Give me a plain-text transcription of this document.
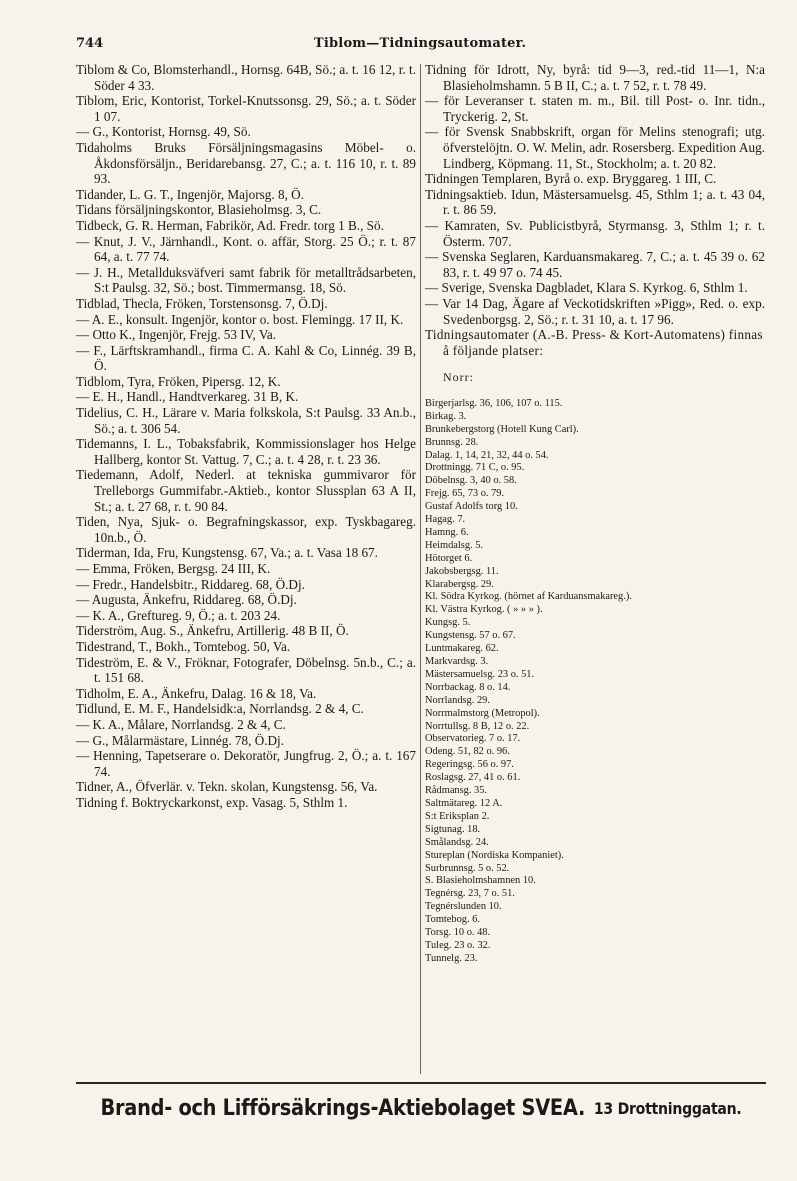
744	Tiblom—Tidningsautomater.

Tiblom & Co, Blomsterhandl., Hornsg. 64B, Sö.; a. t. 16 12, r. t. Söder 4 33.

Tiblom, Eric, Kontorist, Torkel-Knutssonsg. 29, Sö.; a. t. Söder 1 07.

— G., Kontorist, Hornsg. 49, Sö.

Tidaholms Bruks Försäljningsmagasins Möbel- o. Åkdonsförsäljn., Beridarebansg. 27, C.; a. t. 116 10, r. t. 89 93.

Tidander, L. G. T., Ingenjör, Majorsg. 8, Ö.

Tidans försäljningskontor, Blasieholmsg. 3, C.

Tidbeck, G. R. Herman, Fabrikör, Ad. Fredr. torg 1 B., Sö.

— Knut, J. V., Järnhandl., Kont. o. affär, Storg. 25 Ö.; r. t. 87 64, a. t. 77 74.

— J. H., Metallduksväfveri samt fabrik för metalltrådsarbeten, S:t Paulsg. 32, Sö.; bost. Timmermansg. 18, Sö.

Tidblad, Thecla, Fröken, Torstensonsg. 7, Ö.Dj.

— A. E., konsult. Ingenjör, kontor o. bost. Flemingg. 17 II, K.

— Otto K., Ingenjör, Frejg. 53 IV, Va.

— F., Lärftskramhandl., firma C. A. Kahl & Co, Linnég. 39 B, Ö.

Tidblom, Tyra, Fröken, Pipersg. 12, K.

— E. H., Handl., Handtverkareg. 31 B, K.

Tidelius, C. H., Lärare v. Maria folkskola, S:t Paulsg. 33 An.b., Sö.; a. t. 306 54.

Tidemanns, I. L., Tobaksfabrik, Kommissionslager hos Helge Hallberg, kontor St. Vattug. 7, C.; a. t. 4 28, r. t. 23 36.

Tiedemann, Adolf, Nederl. at tekniska gummivaror för Trelleborgs Gummifabr.-Aktieb., kontor Slussplan 63 A II, St.; a. t. 27 68, r. t. 90 84.

Tiden, Nya, Sjuk- o. Begrafningskassor, exp. Tyskbagareg. 10n.b., Ö.

Tiderman, Ida, Fru, Kungstensg. 67, Va.; a. t. Vasa 18 67.

— Emma, Fröken, Bergsg. 24 III, K.

— Fredr., Handelsbitr., Riddareg. 68, Ö.Dj.

— Augusta, Änkefru, Riddareg. 68, Ö.Dj.

— K. A., Greftureg. 9, Ö.; a. t. 203 24.

Tiderström, Aug. S., Änkefru, Artillerig. 48 B II, Ö.

Tidestrand, T., Bokh., Tomtebog. 50, Va.

Tideström, E. & V., Fröknar, Fotografer, Döbelnsg. 5n.b., C.; a. t. 151 68.

Tidholm, E. A., Änkefru, Dalag. 16 & 18, Va.

Tidlund, E. M. F., Handelsidk:a, Norrlandsg. 2 & 4, C.

— K. A., Målare, Norrlandsg. 2 & 4, C.

— G., Målarmästare, Linnég. 78, Ö.Dj.

— Henning, Tapetserare o. Dekoratör, Jungfrug. 2, Ö.; a. t. 167 74.

Tidner, A., Öfverlär. v. Tekn. skolan, Kungstensg. 56, Va.

Tidning f. Boktryckarkonst, exp. Vasag. 5, Sthlm 1.

Tidning för Idrott, Ny, byrå: tid 9—3, red.-tid 11—1, N:a Blasieholmshamn. 5 B II, C.; a. t. 7 52, r. t. 78 49.

— för Leveranser t. staten m. m., Bil. till Post- o. Inr. tidn., Tryckerig. 2, St.

— för Svensk Snabbskrift, organ för Melins stenografi; utg. öfverstelöjtn. O. W. Melin, adr. Rosersberg. Expedition Aug. Lindberg, Köpmang. 11, St., Stockholm; a. t. 20 82.

Tidningen Templaren, Byrå o. exp. Bryggareg. 1 III, C.

Tidningsaktieb. Idun, Mästersamuelsg. 45, Sthlm 1; a. t. 43 04, r. t. 86 59.

— Kamraten, Sv. Publicistbyrå, Styrmansg. 3, Sthlm 1; r. t. Österm. 707.

— Svenska Seglaren, Karduansmakareg. 7, C.; a. t. 45 39 o. 62 83, r. t. 49 97 o. 74 45.

— Sverige, Svenska Dagbladet, Klara S. Kyrkog. 6, Sthlm 1.

— Var 14 Dag, Ägare af Veckotidskriften »Pigg», Red. o. exp. Svedenborgsg. 2, Sö.; r. t. 31 10, a. t. 17 96.

Tidningsautomater (A.-B. Press- & Kort-Automatens) finnas å följande platser:

Norr:

Birgerjarlsg. 36, 106, 107 o. 115.

Birkag. 3.

Brunkebergstorg (Hotell Kung Carl).

Brunnsg. 28.

Dalag. 1, 14, 21, 32, 44 o. 54.

Drottningg. 71 C, o. 95.

Döbelnsg. 3, 40 o. 58.

Frejg. 65, 73 o. 79.

Gustaf Adolfs torg 10.

Hagag. 7.

Hamng. 6.

Heimdalsg. 5.

Hötorget 6.

Jakobsbergsg. 11.

Klarabergsg. 29.

Kl. Södra Kyrkog. (hörnet af Karduansmakareg.).

Kl. Västra Kyrkog. ( » » » ).

Kungsg. 5.

Kungstensg. 57 o. 67.

Luntmakareg. 62.

Markvardsg. 3.

Mästersamuelsg. 23 o. 51.

Norrbackag. 8 o. 14.

Norrlandsg. 29.

Norrmalmstorg (Metropol).

Norrtullsg. 8 B, 12 o. 22.

Observatorieg. 7 o. 17.

Odeng. 51, 82 o. 96.

Regeringsg. 56 o. 97.

Roslagsg. 27, 41 o. 61.

Rådmansg. 35.

Saltmätareg. 12 A.

S:t Eriksplan 2.

Sigtunag. 18.

Smålandsg. 24.

Stureplan (Nordiska Kompaniet).

Surbrunnsg. 5 o. 52.

S. Blasieholmshamnen 10.

Tegnérsg. 23, 7 o. 51.

Tegnérslunden 10.

Tomtebog. 6.

Torsg. 10 o. 48.

Tuleg. 23 o. 32.

Tunnelg. 23.

Brand- och Lifförsäkrings-Aktiebolaget SVEA. 13 Drottninggatan.
